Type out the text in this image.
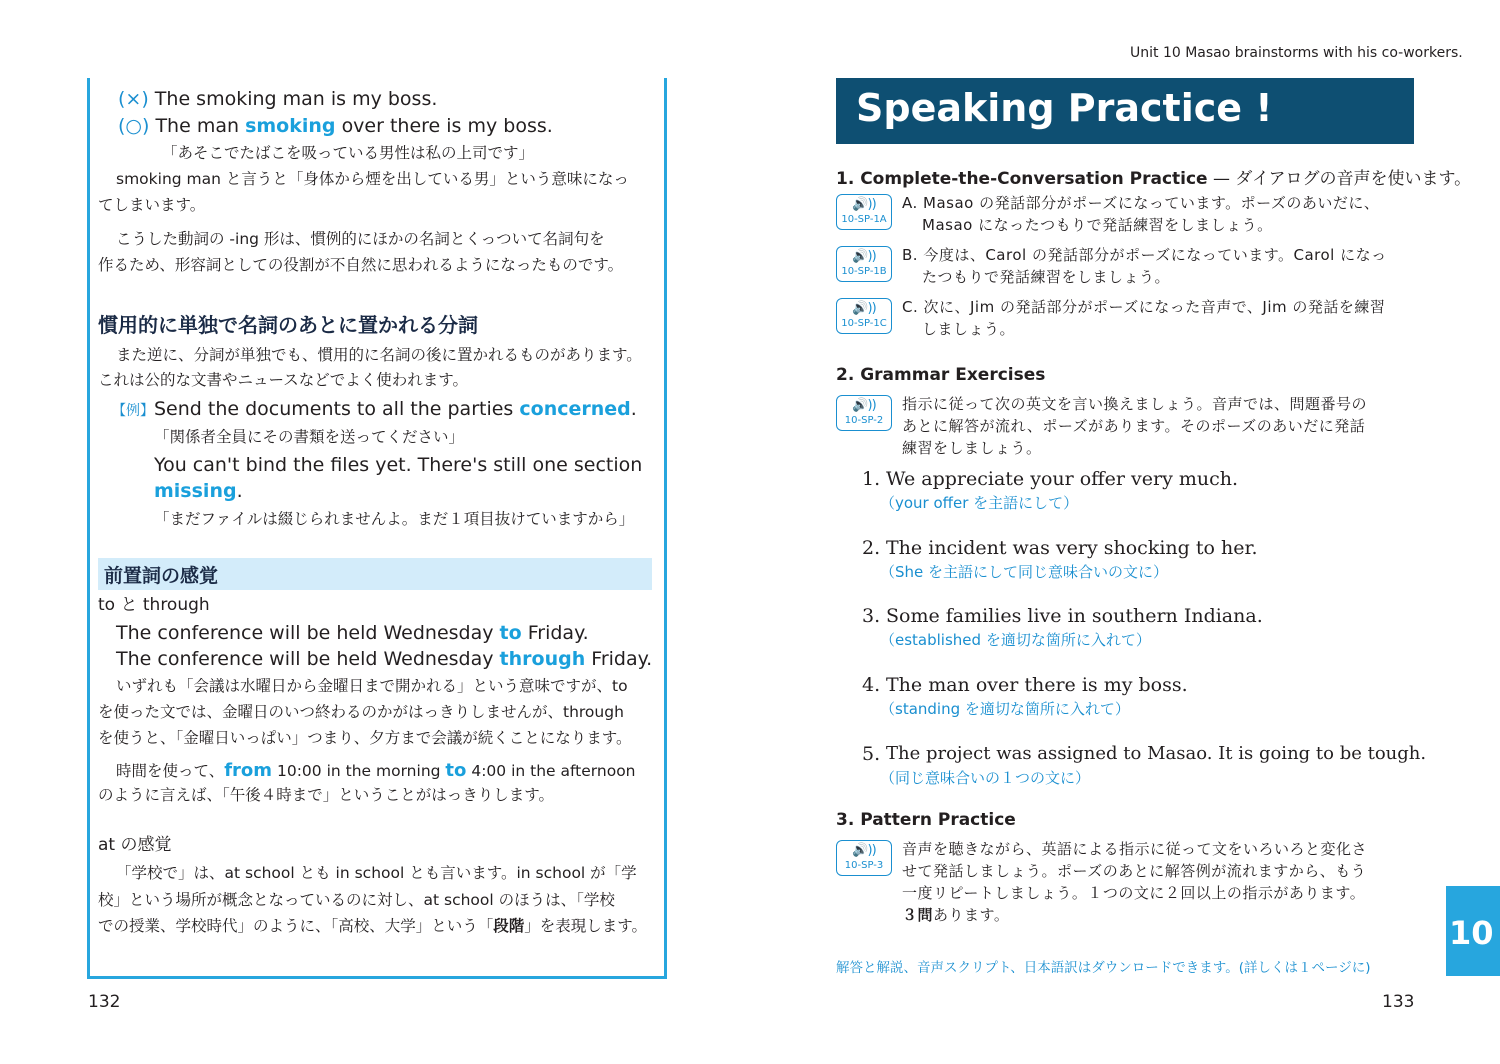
(×) The smoking man is my boss.
(○) The man smoking over there is my boss.
「あそこでたばこを吸っている男性は私の上司です」
smoking man と言うと「身体から煙を出している男」という意味になっ
てしまいます。
こうした動詞の -ing 形は、慣例的にほかの名詞とくっついて名詞句を
作るため、形容詞としての役割が不自然に思われるようになったものです。
慣用的に単独で名詞のあとに置かれる分詞
また逆に、分詞が単独でも、慣用的に名詞の後に置かれるものがあります。
これは公的な文書やニュースなどでよく使われます。
【例】 Send the documents to all the parties concerned.
「関係者全員にその書類を送ってください」
You can't bind the files yet. There's still one section
missing.
「まだファイルは綴じられませんよ。まだ１項目抜けていますから」
前置詞の感覚
to と through
The conference will be held Wednesday to Friday.
The conference will be held Wednesday through Friday.
いずれも「会議は水曜日から金曜日まで開かれる」という意味ですが、to
を使った文では、金曜日のいつ終わるのかがはっきりしませんが、through
を使うと、「金曜日いっぱい」つまり、夕方まで会議が続くことになります。
時間を使って、from 10:00 in the morning to 4:00 in the afternoon
のように言えば、「午後４時まで」ということがはっきりします。
at の感覚
「学校で」は、at school とも in school とも言います。in school が「学
校」という場所が概念となっているのに対し、at school のほうは、「学校
での授業、学校時代」のように、「高校、大学」という「段階」を表現します。
132
Unit 10 Masao brainstorms with his co-workers.
Speaking Practice !
1. Complete-the-Conversation Practice — ダイアログの音声を使います。
🔊))
10-SP-1A
A. Masao の発話部分がポーズになっています。ポーズのあいだに、
Masao になったつもりで発話練習をしましょう。
🔊))
10-SP-1B
B. 今度は、Carol の発話部分がポーズになっています。Carol になっ
たつもりで発話練習をしましょう。
🔊))
10-SP-1C
C. 次に、Jim の発話部分がポーズになった音声で、Jim の発話を練習
しましょう。
2. Grammar Exercises
🔊))
10-SP-2
指示に従って次の英文を言い換えましょう。音声では、問題番号の
あとに解答が流れ、ポーズがあります。そのポーズのあいだに発話
練習をしましょう。
1. We appreciate your offer very much.
（your offer を主語にして）
2. The incident was very shocking to her.
（She を主語にして同じ意味合いの文に）
3. Some families live in southern Indiana.
（established を適切な箇所に入れて）
4. The man over there is my boss.
（standing を適切な箇所に入れて）
5. The project was assigned to Masao. It is going to be tough.
（同じ意味合いの１つの文に）
3. Pattern Practice
🔊))
10-SP-3
音声を聴きながら、英語による指示に従って文をいろいろと変化さ
せて発話しましょう。ポーズのあとに解答例が流れますから、もう
一度リピートしましょう。１つの文に２回以上の指示があります。
３問あります。
解答と解説、音声スクリプト、日本語訳はダウンロードできます。(詳しくは１ページに)
10
133
